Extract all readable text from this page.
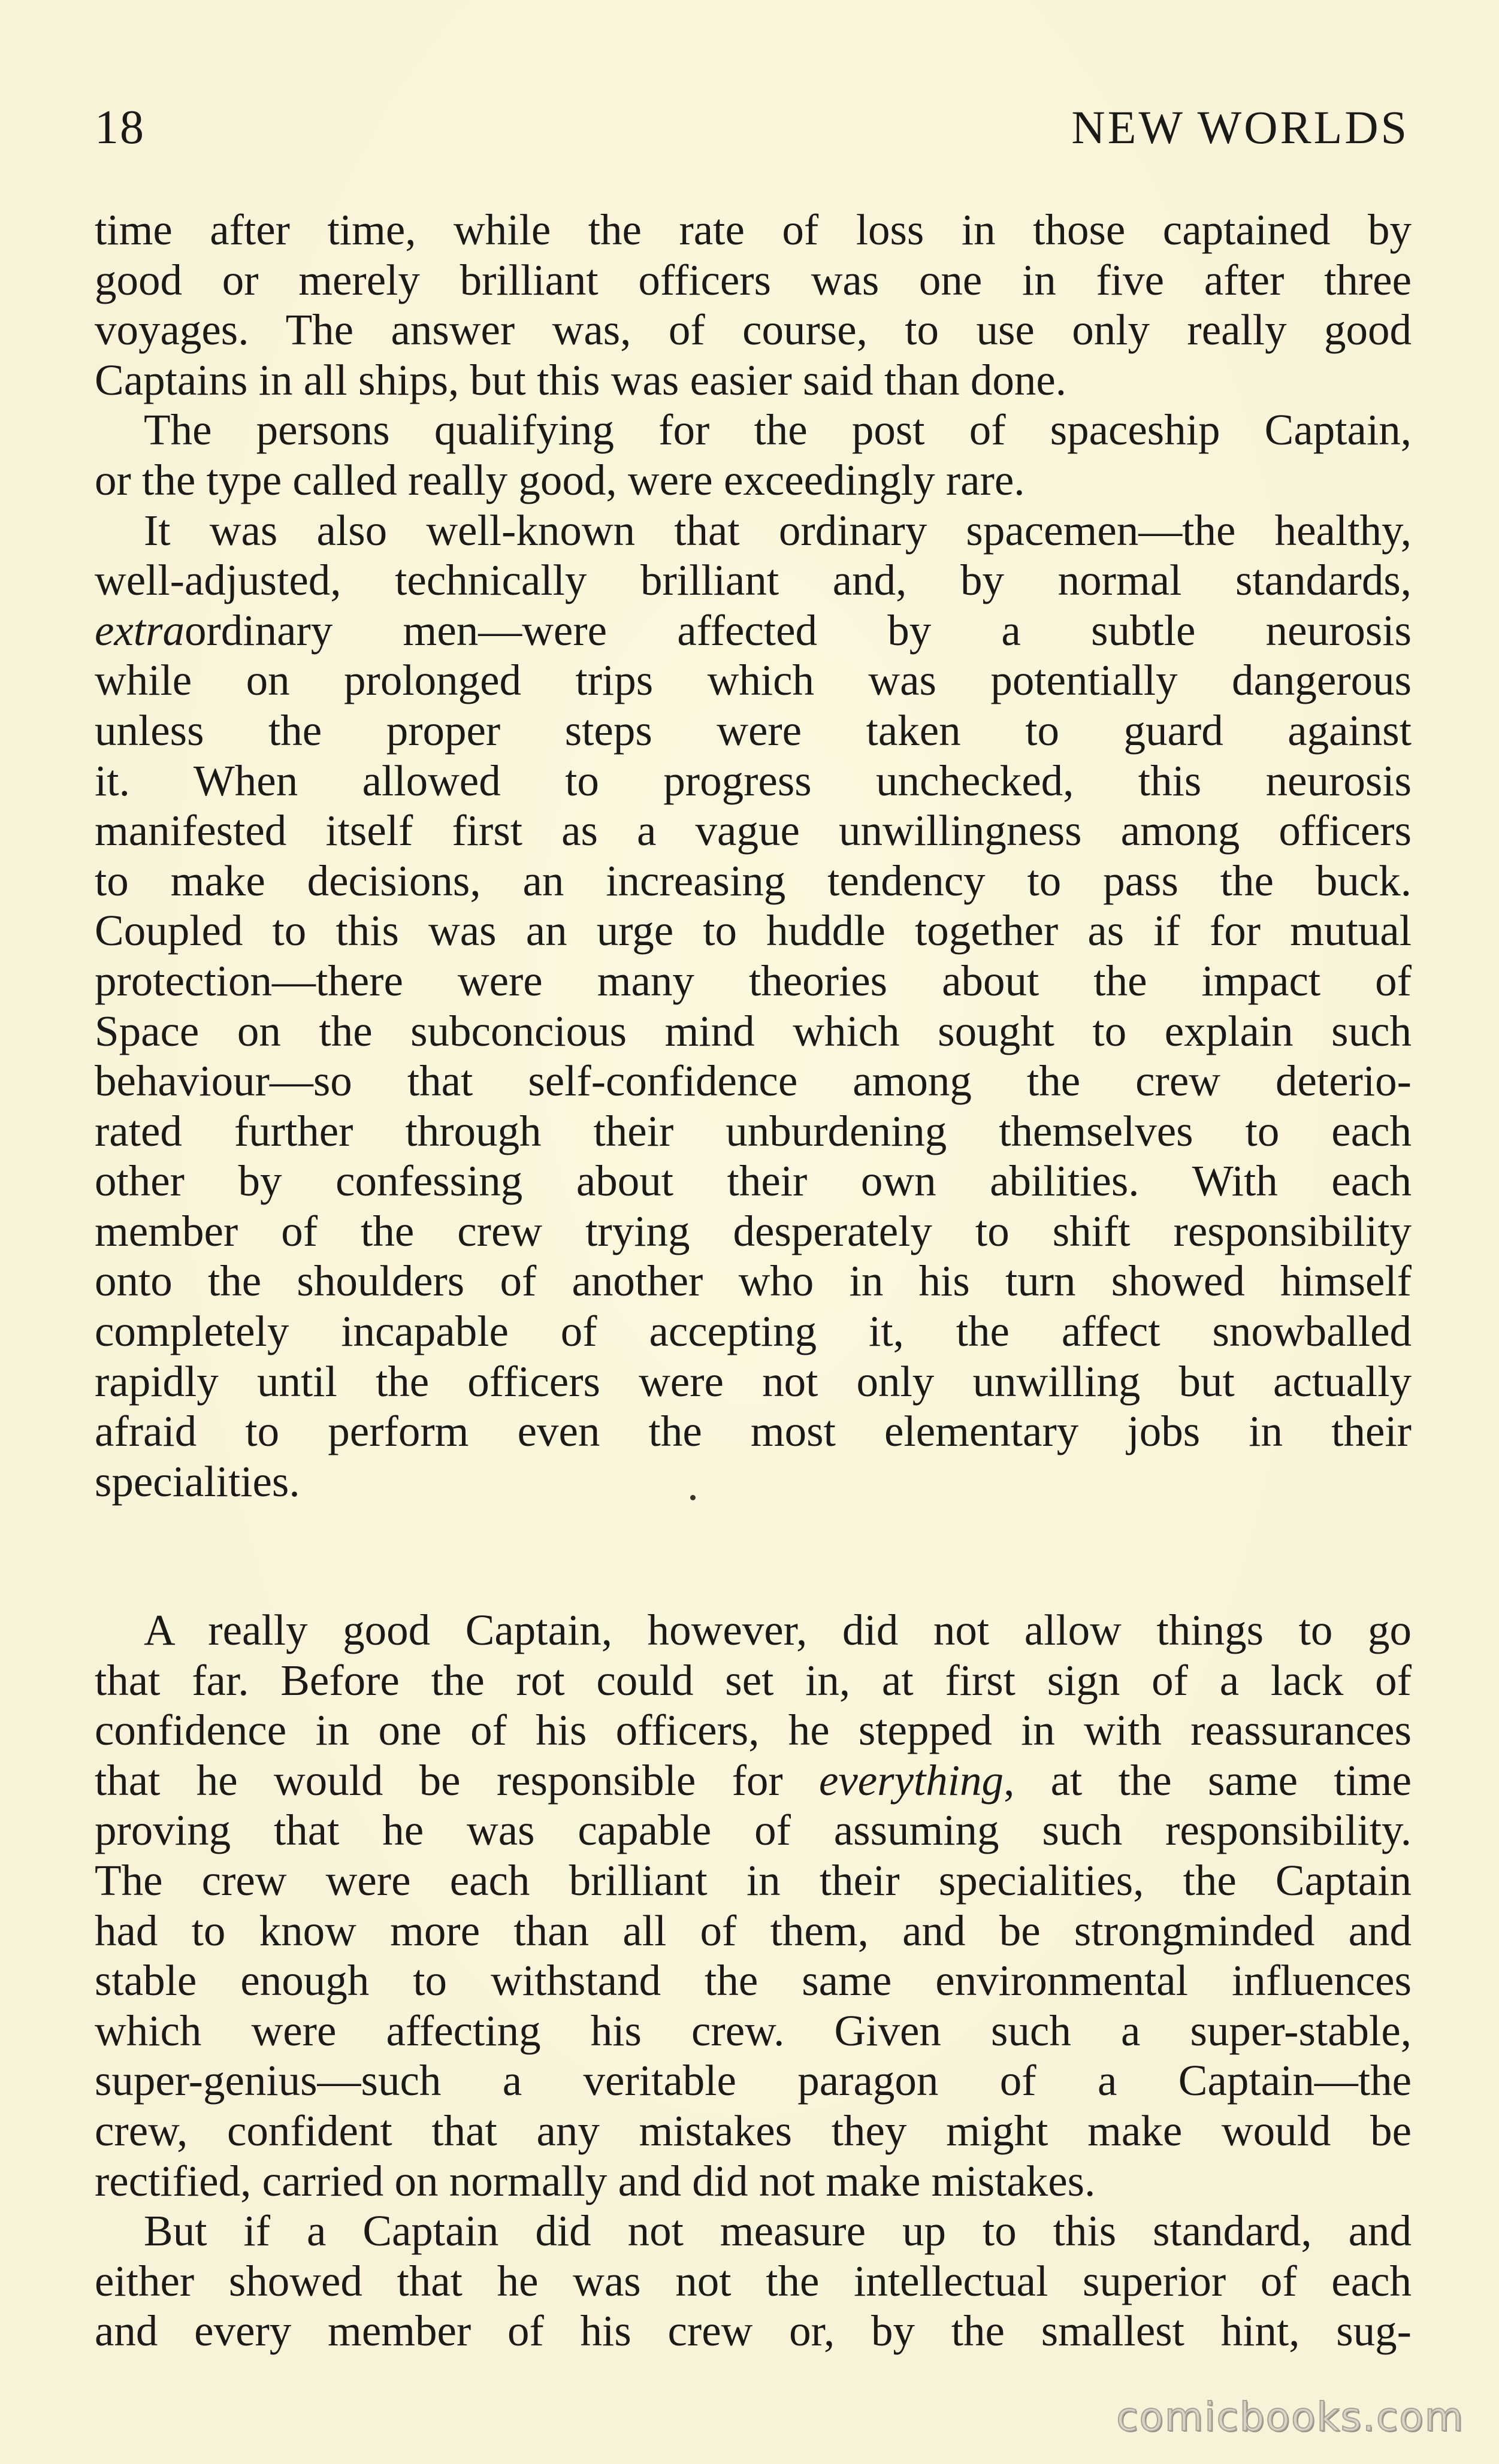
18	NEW WORLDS
time after time, while the rate of loss in those captained by
good or merely brilliant officers was one in five after three
voyages. The answer was, of course, to use only really good
Captains in all ships, but this was easier said than done.
The persons qualifying for the post of spaceship Captain,
or the type called really good, were exceedingly rare.
It was also well-known that ordinary spacemen—the healthy,
well-adjusted, technically brilliant and, by normal standards,
extraordinary men—were affected by a subtle neurosis
while on prolonged trips which was potentially dangerous
unless the proper steps were taken to guard against
it. When allowed to progress unchecked, this neurosis
manifested itself first as a vague unwillingness among officers
to make decisions, an increasing tendency to pass the buck.
Coupled to this was an urge to huddle together as if for mutual
protection—there were many theories about the impact of
Space on the subconcious mind which sought to explain such
behaviour—so that self-confidence among the crew deterio-
rated further through their unburdening themselves to each
other by confessing about their own abilities. With each
member of the crew trying desperately to shift responsibility
onto the shoulders of another who in his turn showed himself
completely incapable of accepting it, the affect snowballed
rapidly until the officers were not only unwilling but actually
afraid to perform even the most elementary jobs in their
specialities.
A really good Captain, however, did not allow things to go
that far. Before the rot could set in, at first sign of a lack of
confidence in one of his officers, he stepped in with reassurances
that he would be responsible for everything, at the same time
proving that he was capable of assuming such responsibility.
The crew were each brilliant in their specialities, the Captain
had to know more than all of them, and be strongminded and
stable enough to withstand the same environmental influences
which were affecting his crew. Given such a super-stable,
super-genius—such a veritable paragon of a Captain—the
crew, confident that any mistakes they might make would be
rectified, carried on normally and did not make mistakes.
But if a Captain did not measure up to this standard, and
either showed that he was not the intellectual superior of each
and every member of his crew or, by the smallest hint, sug-
comicbooks.com
